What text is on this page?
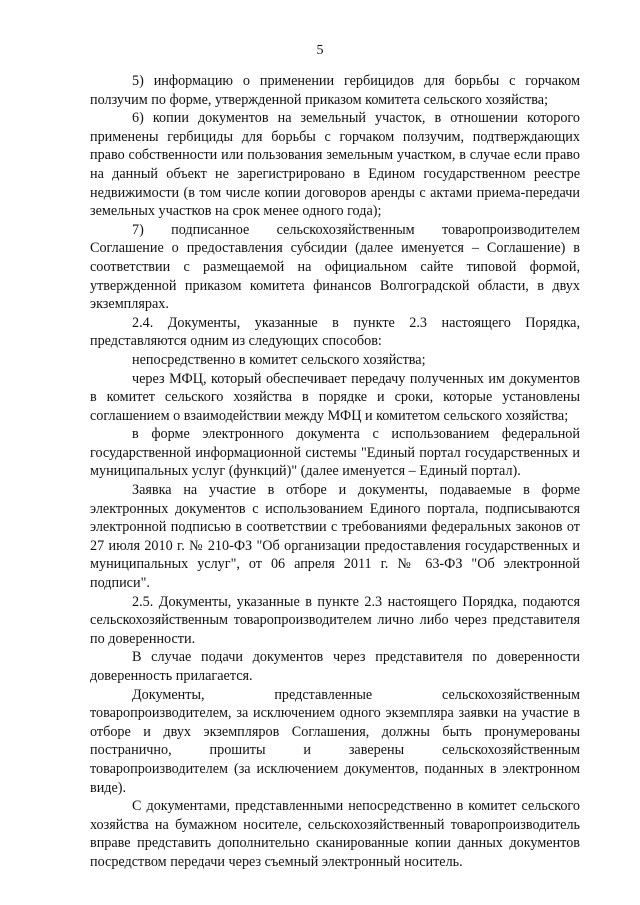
5

5) информацию о применении гербицидов для борьбы с горчаком ползучим по форме, утвержденной приказом комитета сельского хозяйства;

6) копии документов на земельный участок, в отношении которого применены гербициды для борьбы с горчаком ползучим, подтверждающих право собственности или пользования земельным участком, в случае если право на данный объект не зарегистрировано в Едином государственном реестре недвижимости (в том числе копии договоров аренды с актами приема-передачи земельных участков на срок менее одного года);

7) подписанное сельскохозяйственным товаропроизводителем Соглашение о предоставления субсидии (далее именуется – Соглашение) в соответствии с размещаемой на официальном сайте типовой формой, утвержденной приказом комитета финансов Волгоградской области, в двух экземплярах.

2.4. Документы, указанные в пункте 2.3 настоящего Порядка, представляются одним из следующих способов:

непосредственно в комитет сельского хозяйства;

через МФЦ, который обеспечивает передачу полученных им документов в комитет сельского хозяйства в порядке и сроки, которые установлены соглашением о взаимодействии между МФЦ и комитетом сельского хозяйства;

в форме электронного документа с использованием федеральной государственной информационной системы "Единый портал государственных и муниципальных услуг (функций)" (далее именуется – Единый портал).

Заявка на участие в отборе и документы, подаваемые в форме электронных документов с использованием Единого портала, подписываются электронной подписью в соответствии с требованиями федеральных законов от 27 июля 2010 г. № 210-ФЗ "Об организации предоставления государственных и муниципальных услуг", от 06 апреля 2011 г. № 63-ФЗ "Об электронной подписи".

2.5. Документы, указанные в пункте 2.3 настоящего Порядка, подаются сельскохозяйственным товаропроизводителем лично либо через представителя по доверенности.

В случае подачи документов через представителя по доверенности доверенность прилагается.

Документы, представленные сельскохозяйственным товаропроизводителем, за исключением одного экземпляра заявки на участие в отборе и двух экземпляров Соглашения, должны быть пронумерованы постранично, прошиты и заверены сельскохозяйственным товаропроизводителем (за исключением документов, поданных в электронном виде).

С документами, представленными непосредственно в комитет сельского хозяйства на бумажном носителе, сельскохозяйственный товаропроизводитель вправе представить дополнительно сканированные копии данных документов посредством передачи через съемный электронный носитель.
